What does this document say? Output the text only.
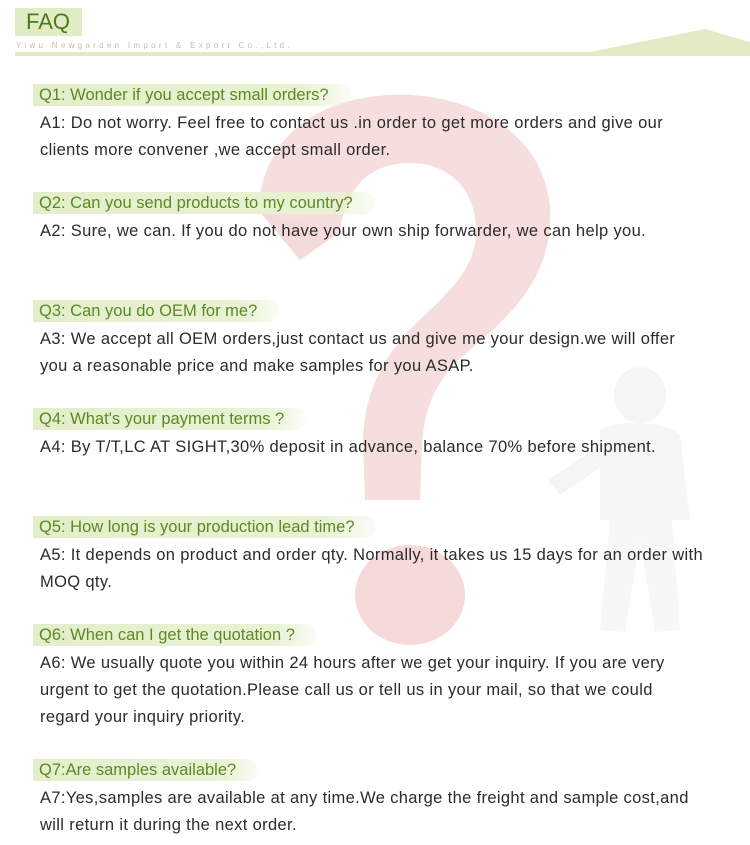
FAQ
Yiwu Newgarden Import & Export Co.,Ltd.
Q1: Wonder if you accept small orders?
A1: Do not worry. Feel free to contact us .in order to get more orders and give our clients more convener ,we accept small order.
Q2: Can you send products to my country?
A2: Sure, we can. If you do not have your own ship forwarder, we can help you.
Q3: Can you do OEM for me?
A3: We accept all OEM orders,just contact us and give me your design.we will offer you a reasonable price and make samples for you ASAP.
Q4: What's your payment terms ?
A4: By T/T,LC AT SIGHT,30% deposit in advance, balance 70% before shipment.
Q5: How long is your production lead time?
A5: It depends on product and order qty. Normally, it takes us 15 days for an order with MOQ qty.
Q6: When can I get the quotation ?
A6: We usually quote you within 24 hours after we get your inquiry. If you are very urgent to get the quotation.Please call us or tell us in your mail, so that we could regard your inquiry priority.
Q7:Are samples available?
A7:Yes,samples are available at any time.We charge the freight and sample cost,and will return it during the next order.
